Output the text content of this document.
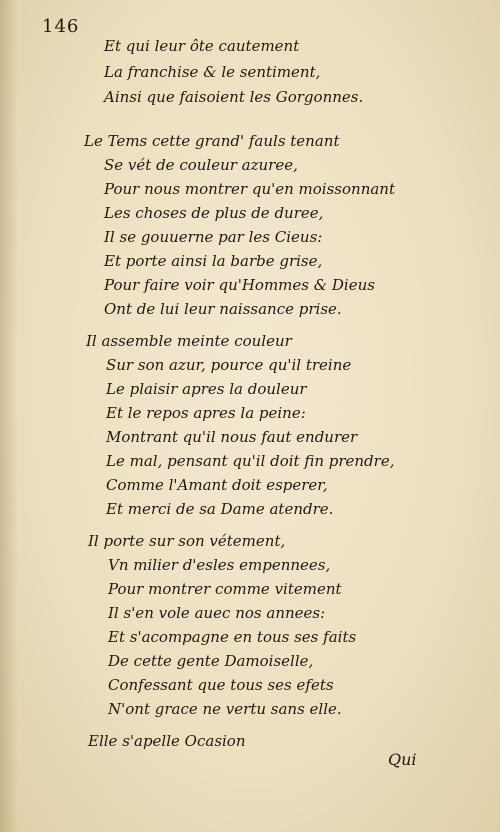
146
Et qui leur ôte cautement
La franchise & le sentiment,
Ainsi que faisoient les Gorgonnes.
Le Tems cette grand' fauls tenant
Se vét de couleur azuree,
Pour nous montrer qu'en moissonnant
Les choses de plus de duree,
Il se gouuerne par les Cieus:
Et porte ainsi la barbe grise,
Pour faire voir qu'Hommes & Dieus
Ont de lui leur naissance prise.
Il assemble meinte couleur
Sur son azur, pource qu'il treine
Le plaisir apres la douleur
Et le repos apres la peine:
Montrant qu'il nous faut endurer
Le mal, pensant qu'il doit fin prendre,
Comme l'Amant doit esperer,
Et merci de sa Dame atendre.
Il porte sur son vétement,
Vn milier d'esles empennees,
Pour montrer comme vitement
Il s'en vole auec nos annees:
Et s'acompagne en tous ses faits
De cette gente Damoiselle,
Confessant que tous ses efets
N'ont grace ne vertu sans elle.
Elle s'apelle Ocasion
Qui
